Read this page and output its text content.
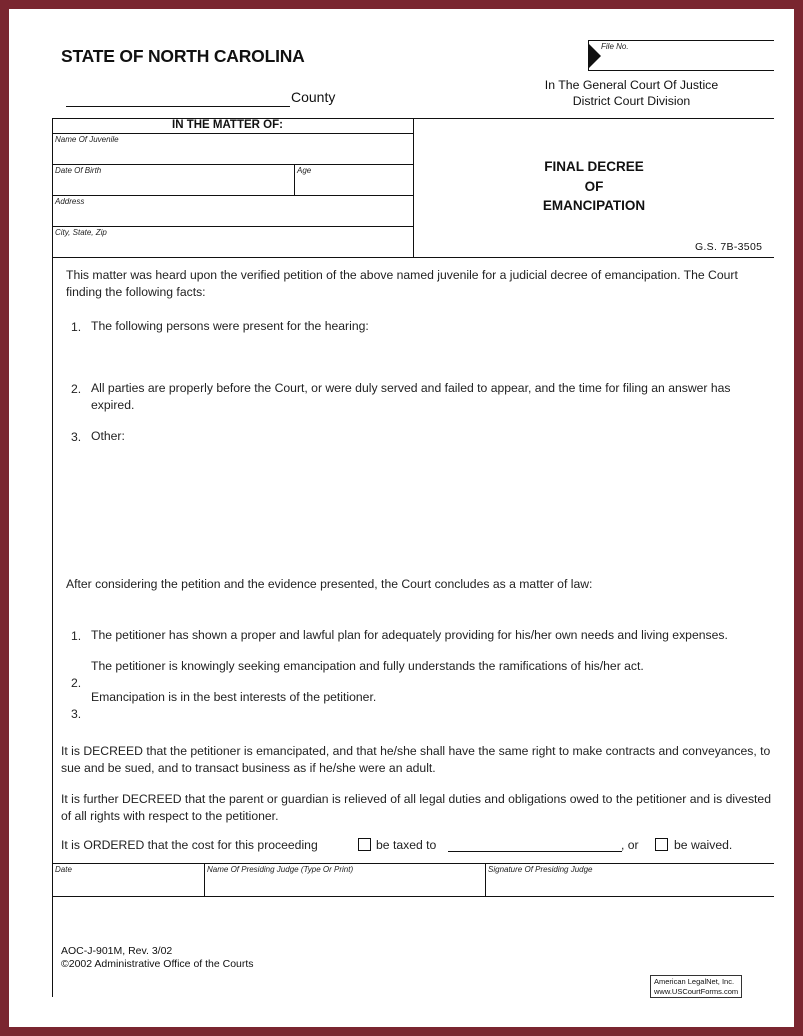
STATE OF NORTH CAROLINA
County
File No.
In The General Court Of Justice
District Court Division
IN THE MATTER OF:
Name Of Juvenile
Date Of Birth	Age
Address
City, State, Zip
FINAL DECREE
OF
EMANCIPATION
G.S. 7B-3505
This matter was heard upon the verified petition of the above named juvenile for a judicial decree of emancipation. The Court finding the following facts:
1. The following persons were present for the hearing:
2. All parties are properly before the Court, or were duly served and failed to appear, and the time for filing an answer has expired.
3. Other:
After considering the petition and the evidence presented, the Court concludes as a matter of law:
1. The petitioner has shown a proper and lawful plan for adequately providing for his/her own needs and living expenses.
The petitioner is knowingly seeking emancipation and fully understands the ramifications of his/her act.
2.
Emancipation is in the best interests of the petitioner.
3.
It is DECREED that the petitioner is emancipated, and that he/she shall have the same right to make contracts and conveyances, to sue and be sued, and to transact business as if he/she were an adult.
It is further DECREED that the parent or guardian is relieved of all legal duties and obligations owed to the petitioner and is divested of all rights with respect to the petitioner.
It is ORDERED that the cost for this proceeding	be taxed to	, or	be waived.
Date	Name Of Presiding Judge (Type Or Print)	Signature Of Presiding Judge
AOC-J-901M, Rev. 3/02
©2002 Administrative Office of the Courts
American LegalNet, Inc.
www.USCourtForms.com
